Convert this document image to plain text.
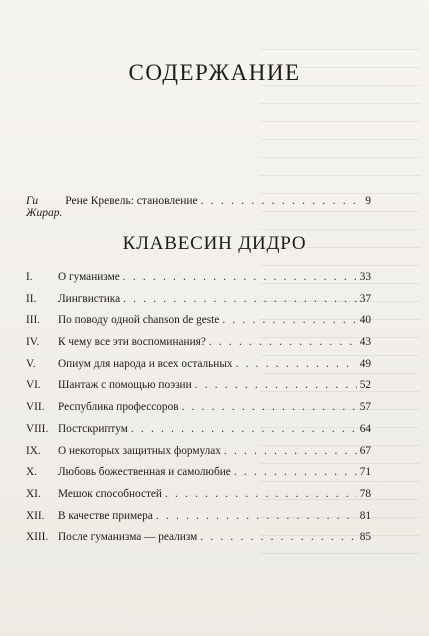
СОДЕРЖАНИЕ
Ги Жирар.
Рене Кревель: становление . . .	9
КЛАВЕСИН ДИДРО
I.	О гуманизме . . .	33
II.	Лингвистика . . .	37
III.	По поводу одной chanson de geste . . .	40
IV.	К чему все эти воспоминания? . . .	43
V.	Опиум для народа и всех остальных . . .	49
VI.	Шантаж с помощью поэзии . . .	52
VII.	Республика профессоров . . .	57
VIII. Постскриптум . . .	64
IX.	О некоторых защитных формулах . . .	67
X.	Любовь божественная и самолюбие . . .	71
XI.	Мешок способностей . . .	78
XII.	В качестве примера . . .	81
XIII. После гуманизма — реализм . . .	85
